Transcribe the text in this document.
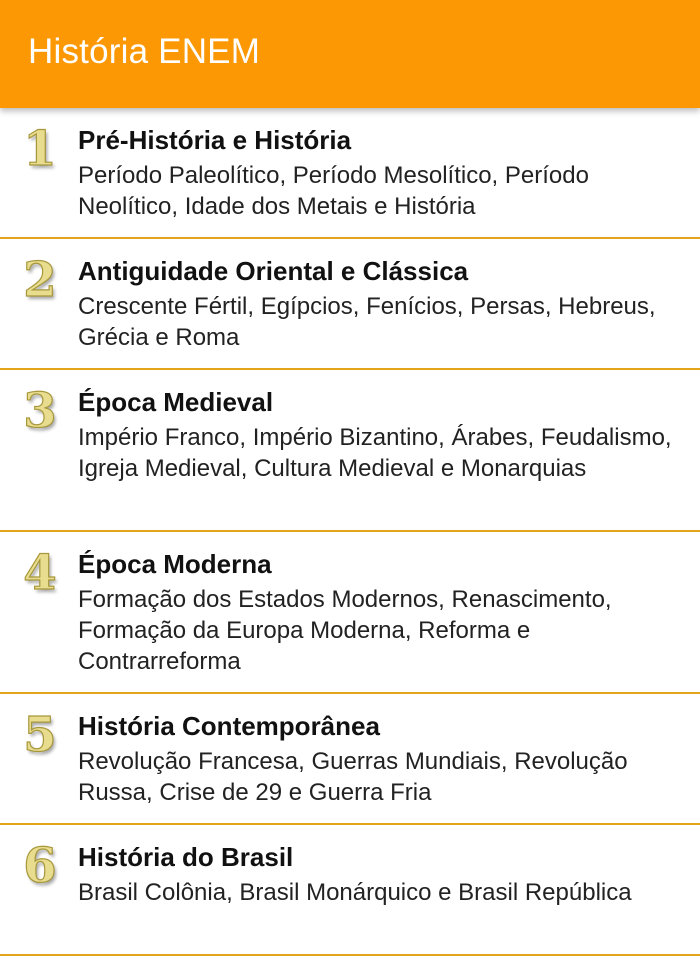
História ENEM
1 Pré-História e História
Período Paleolítico, Período Mesolítico, Período Neolítico, Idade dos Metais e História
2 Antiguidade Oriental e Clássica
Crescente Fértil, Egípcios, Fenícios, Persas, Hebreus, Grécia e Roma
3 Época Medieval
Império Franco, Império Bizantino, Árabes, Feudalismo, Igreja Medieval, Cultura Medieval e Monarquias
4 Época Moderna
Formação dos Estados Modernos, Renascimento, Formação da Europa Moderna, Reforma e Contrarreforma
5 História Contemporânea
Revolução Francesa, Guerras Mundiais, Revolução Russa, Crise de 29 e Guerra Fria
6 História do Brasil
Brasil Colônia, Brasil Monárquico e Brasil República
